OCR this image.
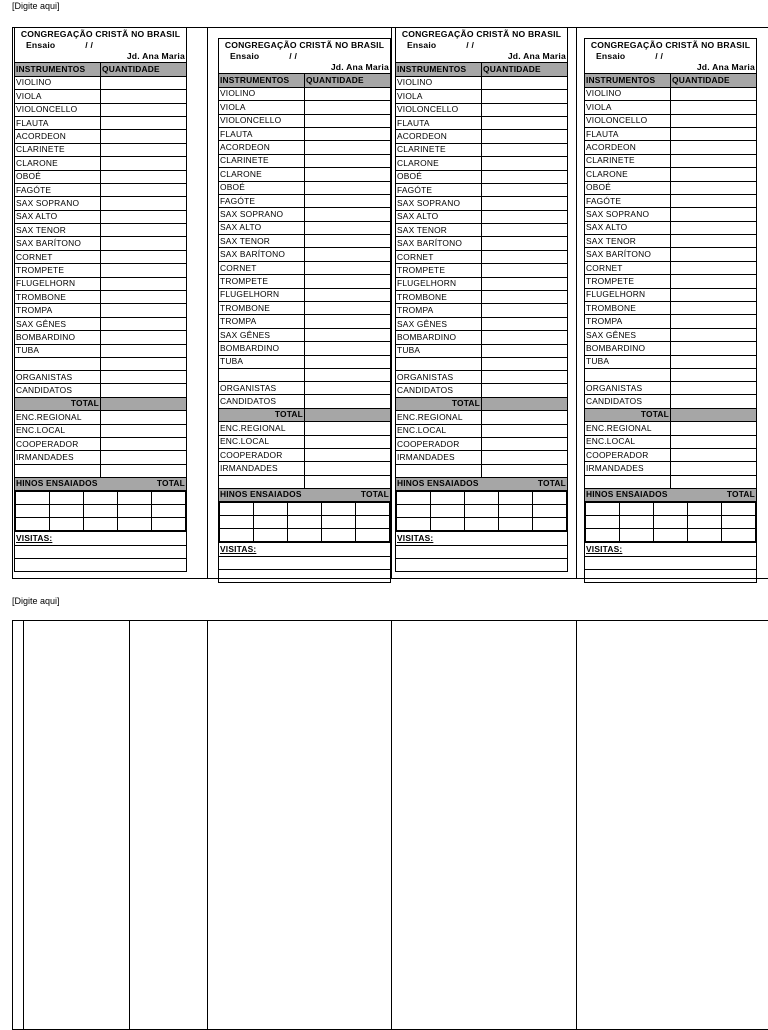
[Digite aqui]
CONGREGAÇÃO CRISTÃ NO BRASIL
Ensaio	/ /
Jd. Ana Maria

INSTRUMENTOS	QUANTIDADE
VIOLINO	
VIOLA	
VIOLONCELLO	
FLAUTA	
ACORDEON	
CLARINETE	
CLARONE	
OBOÉ	
FAGÓTE	
SAX SOPRANO	
SAX ALTO	
SAX TENOR	
SAX BARÍTONO	
CORNET	
TROMPETE	
FLUGELHORN	
TROMBONE	
TROMPA	
SAX GÊNES	
BOMBARDINO	
TUBA	

ORGANISTAS	
CANDIDATOS	
TOTAL	
ENC.REGIONAL	
ENC.LOCAL	
COOPERADOR	
IRMANDADES	

HINOS ENSAIADOS	TOTAL

VISITAS:

CONGREGAÇÃO CRISTÃ NO BRASIL
Ensaio	/ /
Jd. Ana Maria

INSTRUMENTOS	QUANTIDADE
VIOLINO	
VIOLA	
VIOLONCELLO	
FLAUTA	
ACORDEON	
CLARINETE	
CLARONE	
OBOÉ	
FAGÓTE	
SAX SOPRANO	
SAX ALTO	
SAX TENOR	
SAX BARÍTONO	
CORNET	
TROMPETE	
FLUGELHORN	
TROMBONE	
TROMPA	
SAX GÊNES	
BOMBARDINO	
TUBA	

ORGANISTAS	
CANDIDATOS	
TOTAL	
ENC.REGIONAL	
ENC.LOCAL	
COOPERADOR	
IRMANDADES	

HINOS ENSAIADOS	TOTAL

VISITAS:

CONGREGAÇÃO CRISTÃ NO BRASIL
Ensaio	/ /
Jd. Ana Maria

INSTRUMENTOS	QUANTIDADE
VIOLINO	
VIOLA	
VIOLONCELLO	
FLAUTA	
ACORDEON	
CLARINETE	
CLARONE	
OBOÉ	
FAGÓTE	
SAX SOPRANO	
SAX ALTO	
SAX TENOR	
SAX BARÍTONO	
CORNET	
TROMPETE	
FLUGELHORN	
TROMBONE	
TROMPA	
SAX GÊNES	
BOMBARDINO	
TUBA	

ORGANISTAS	
CANDIDATOS	
TOTAL	
ENC.REGIONAL	
ENC.LOCAL	
COOPERADOR	
IRMANDADES	

HINOS ENSAIADOS	TOTAL

VISITAS:

CONGREGAÇÃO CRISTÃ NO BRASIL
Ensaio	/ /
Jd. Ana Maria

INSTRUMENTOS	QUANTIDADE
VIOLINO	
VIOLA	
VIOLONCELLO	
FLAUTA	
ACORDEON	
CLARINETE	
CLARONE	
OBOÉ	
FAGÓTE	
SAX SOPRANO	
SAX ALTO	
SAX TENOR	
SAX BARÍTONO	
CORNET	
TROMPETE	
FLUGELHORN	
TROMBONE	
TROMPA	
SAX GÊNES	
BOMBARDINO	
TUBA	

ORGANISTAS	
CANDIDATOS	
TOTAL	
ENC.REGIONAL	
ENC.LOCAL	
COOPERADOR	
IRMANDADES	

HINOS ENSAIADOS	TOTAL

VISITAS:

[Digite aqui]
